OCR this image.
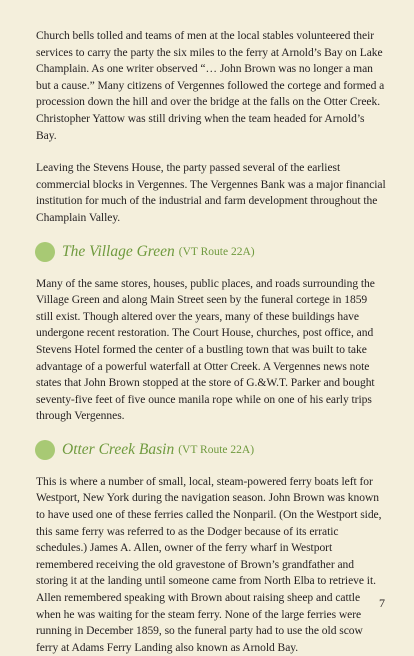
Church bells tolled and teams of men at the local stables volunteered their services to carry the party the six miles to the ferry at Arnold’s Bay on Lake Champlain. As one writer observed “… John Brown was no longer a man but a cause.” Many citizens of Vergennes followed the cortege and formed a procession down the hill and over the bridge at the falls on the Otter Creek. Christopher Yattow was still driving when the team headed for Arnold’s Bay.

Leaving the Stevens House, the party passed several of the earliest commercial blocks in Vergennes. The Vergennes Bank was a major financial institution for much of the industrial and farm development throughout the Champlain Valley.

The Village Green (VT Route 22A)

Many of the same stores, houses, public places, and roads surrounding the Village Green and along Main Street seen by the funeral cortege in 1859 still exist. Though altered over the years, many of these buildings have undergone recent restoration. The Court House, churches, post office, and Stevens Hotel formed the center of a bustling town that was built to take advantage of a powerful waterfall at Otter Creek. A Vergennes news note states that John Brown stopped at the store of G.&W.T. Parker and bought seventy-five feet of five ounce manila rope while on one of his early trips through Vergennes.

Otter Creek Basin (VT Route 22A)

This is where a number of small, local, steam-powered ferry boats left for Westport, New York during the navigation season. John Brown was known to have used one of these ferries called the Nonparil. (On the Westport side, this same ferry was referred to as the Dodger because of its erratic schedules.) James A. Allen, owner of the ferry wharf in Westport remembered receiving the old gravestone of Brown’s grandfather and storing it at the landing until someone came from North Elba to retrieve it. Allen remembered speaking with Brown about raising sheep and cattle when he was waiting for the steam ferry. None of the large ferries were running in December 1859, so the funeral party had to use the old scow ferry at Adams Ferry Landing also known as Arnold Bay.

7
